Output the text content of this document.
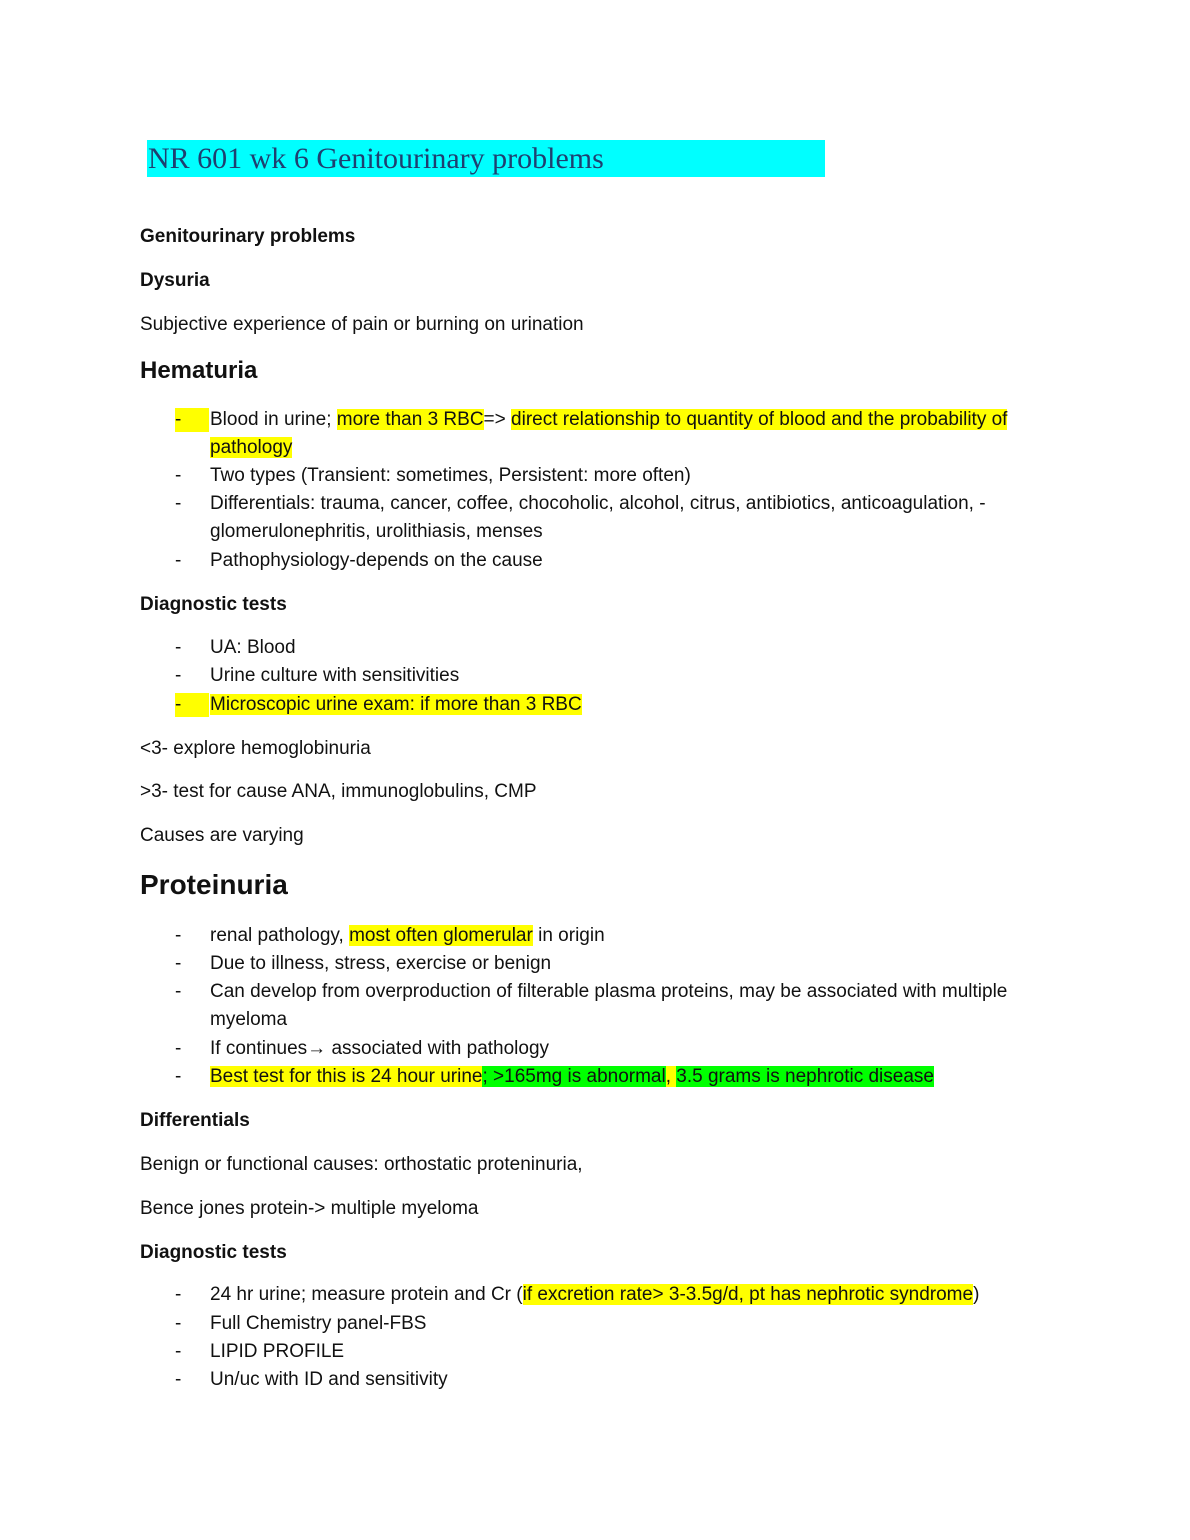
NR 601 wk 6 Genitourinary problems

Genitourinary problems

Dysuria

Subjective experience of pain or burning on urination

Hematuria

-	Blood in urine; more than 3 RBC=> direct relationship to quantity of blood and the probability of
pathology
-	Two types (Transient: sometimes, Persistent: more often)
-	Differentials: trauma, cancer, coffee, chocoholic, alcohol, citrus, antibiotics, anticoagulation, -
glomerulonephritis, urolithiasis, menses
-	Pathophysiology-depends on the cause

Diagnostic tests

-	UA: Blood
-	Urine culture with sensitivities
-	Microscopic urine exam: if more than 3 RBC

<3- explore hemoglobinuria

>3- test for cause ANA, immunoglobulins, CMP

Causes are varying

Proteinuria

-	renal pathology, most often glomerular in origin
-	Due to illness, stress, exercise or benign
-	Can develop from overproduction of filterable plasma proteins, may be associated with multiple
myeloma
-	If continues→ associated with pathology
-	Best test for this is 24 hour urine; >165mg is abnormal, 3.5 grams is nephrotic disease

Differentials

Benign or functional causes: orthostatic proteninuria,

Bence jones protein-> multiple myeloma

Diagnostic tests

-	24 hr urine; measure protein and Cr (if excretion rate> 3-3.5g/d, pt has nephrotic syndrome)
-	Full Chemistry panel-FBS
-	LIPID PROFILE
-	Un/uc with ID and sensitivity
